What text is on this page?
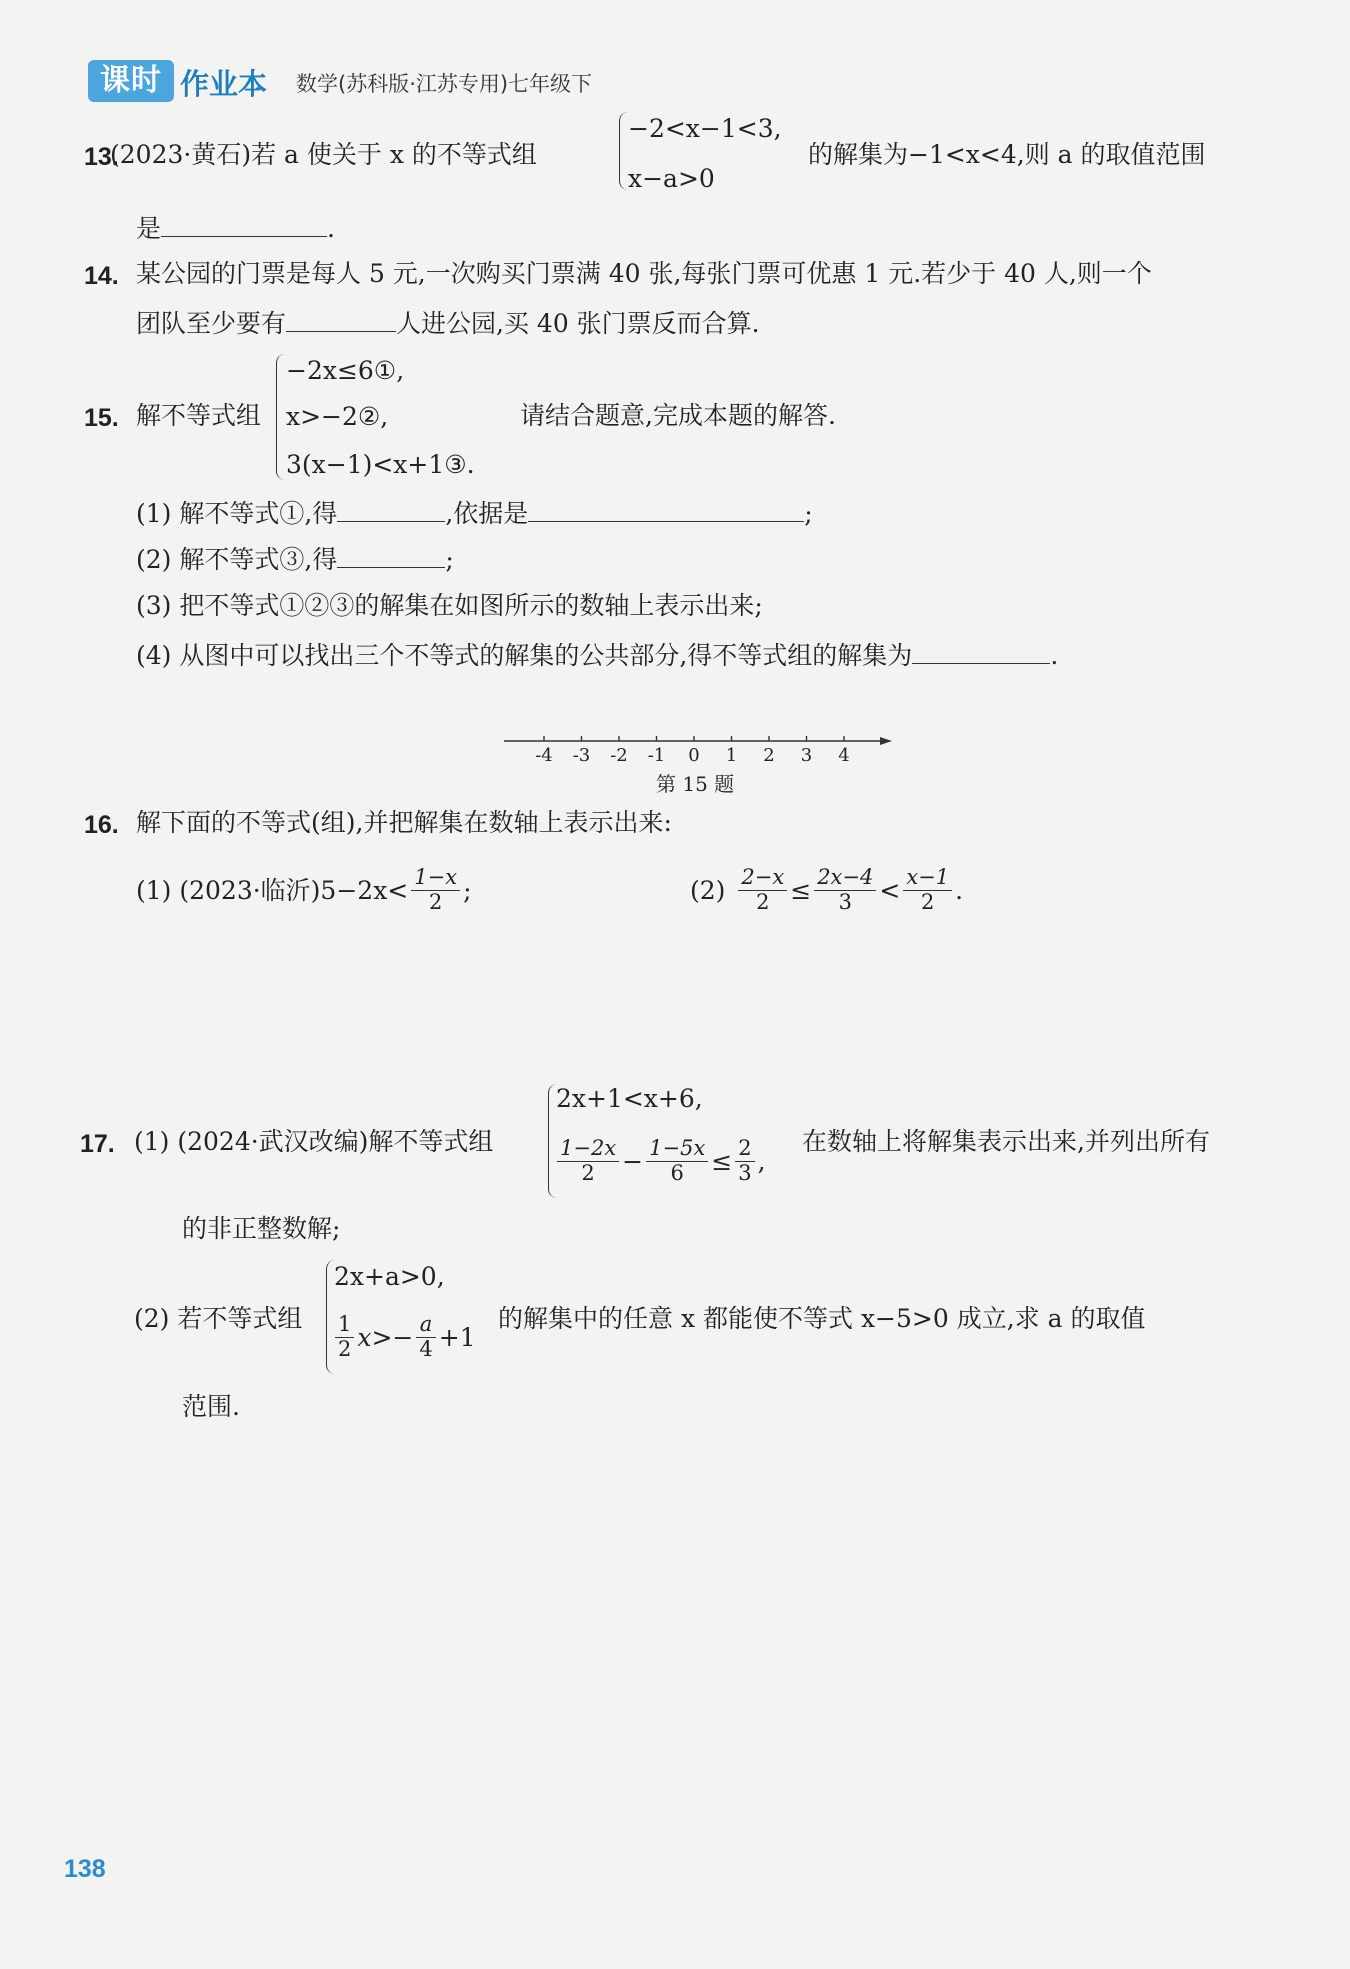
课时 作业本 数学(苏科版·江苏专用)七年级下
13.
(2023·黄石)若 a 使关于 x 的不等式组
−2<x−1<3,
x−a>0
的解集为−1<x<4,则 a 的取值范围
是	.
14. 某公园的门票是每人 5 元,一次购买门票满 40 张,每张门票可优惠 1 元.若少于 40 人,则一个
团队至少要有	人进公园,买 40 张门票反而合算.
15. 解不等式组
−2x≤6①,
x>−2②,
3(x−1)<x+1③.
请结合题意,完成本题的解答.
(1) 解不等式①,得	,依据是	;
(2) 解不等式③,得	;
(3) 把不等式①②③的解集在如图所示的数轴上表示出来;
(4) 从图中可以找出三个不等式的解集的公共部分,得不等式组的解集为	.
-4 -3 -2 -1 0 1 2 3 4
第 15 题
16. 解下面的不等式(组),并把解集在数轴上表示出来:
(1) (2023·临沂)$5-2x< \frac{1-x}{2}$ ;	$(2) \frac{2-x}{2} \le \frac{2x-4}{3} < \frac{x-1}{2}$ .
17. (1) (2024·武汉改编)解不等式组
2x+1<x+6,
$\frac{1-2x}{2} - \frac{1-5x}{6} \le \frac{2}{3}$ ,
在数轴上将解集表示出来,并列出所有
的非正整数解;
(2) 若不等式组
2x+a>0,
$\frac{1}{2} x>- \frac{a}{4} +1$
的解集中的任意 x 都能使不等式 x−5>0 成立,求 a 的取值
范围.
138
